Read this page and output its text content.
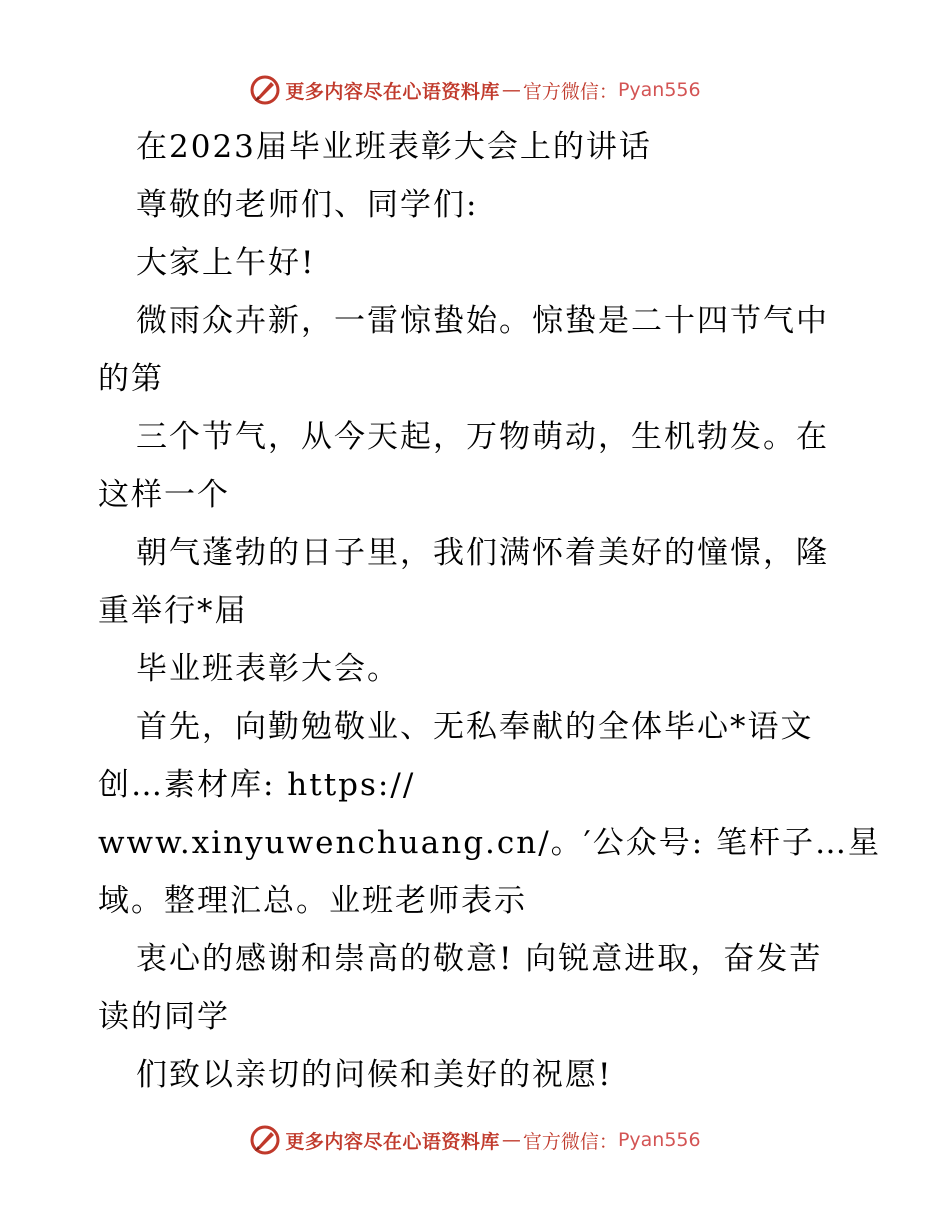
更多内容尽在心语资料库 — 官方微信： Pyan556
在2023届毕业班表彰大会上的讲话
尊敬的老师们、同学们:
大家上午好!
微雨众卉新，一雷惊蛰始。惊蛰是二十四节气中
的第
三个节气，从今天起，万物萌动，生机勃发。在
这样一个
朝气蓬勃的日子里，我们满怀着美好的憧憬，隆
重举行*届
毕业班表彰大会。
首先，向勤勉敬业、无私奉献的全体毕心*语文
创…素材库: https://
www.xinyuwenchuang.cn/。′公众号: 笔杆子…星
域。整理汇总。业班老师表示
衷心的感谢和崇高的敬意! 向锐意进取，奋发苦
读的同学
们致以亲切的问候和美好的祝愿!
更多内容尽在心语资料库 — 官方微信： Pyan556
